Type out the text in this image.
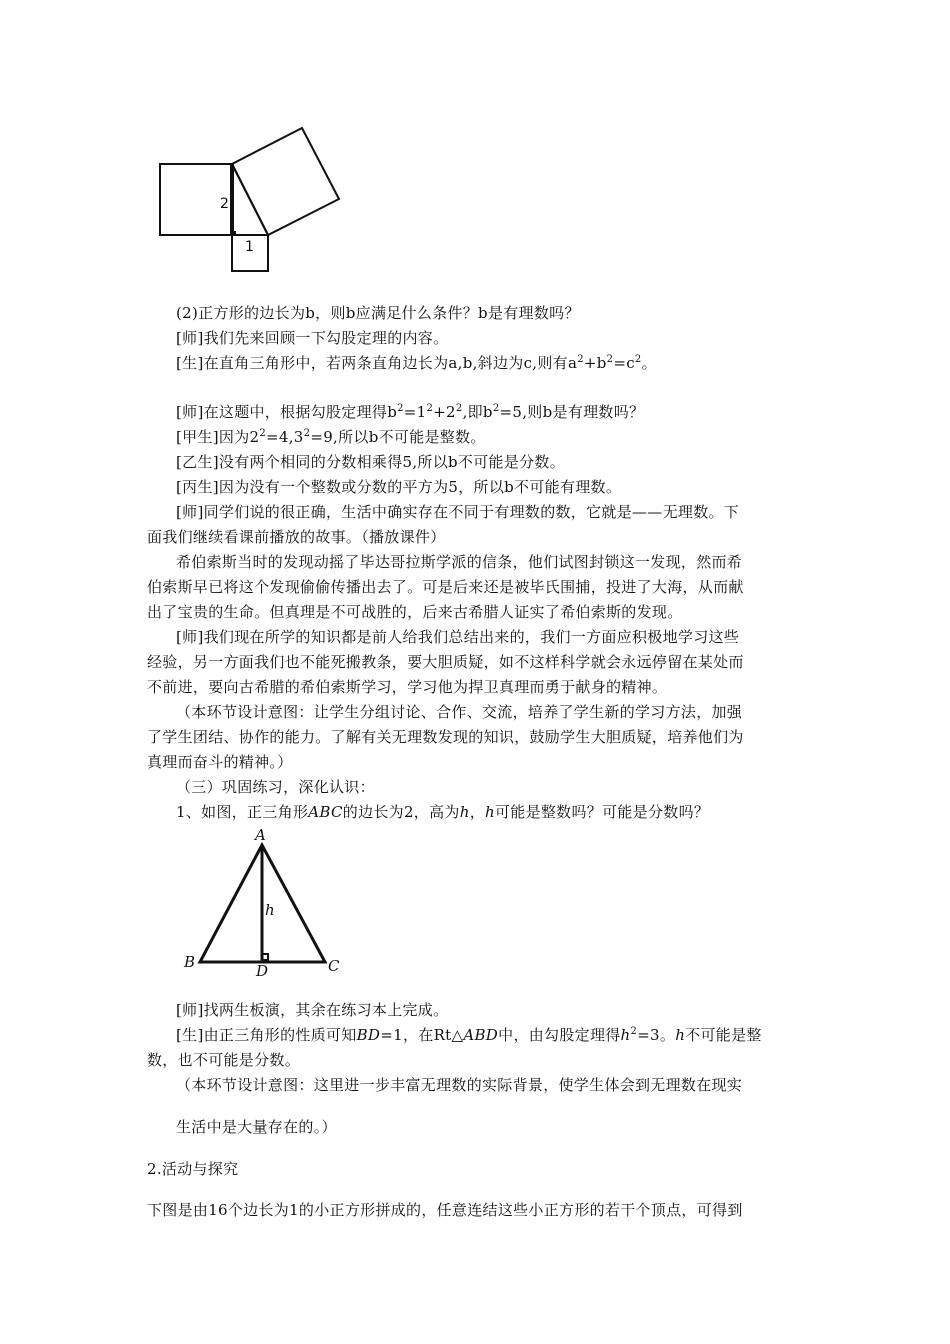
2
1
(2)正方形的边长为b，则b应满足什么条件？b是有理数吗？
[师]我们先来回顾一下勾股定理的内容。
[生]在直角三角形中，若两条直角边长为a,b,斜边为c,则有$a^2+b^2=c^2$。
[师]在这题中，根据勾股定理得$b^2=1^2+2^2$,即$b^2=5$,则b是有理数吗？
[甲生]因为$2^2=4,3^2=9$,所以b不可能是整数。
[乙生]没有两个相同的分数相乘得5,所以b不可能是分数。
[丙生]因为没有一个整数或分数的平方为5，所以b不可能有理数。
[师]同学们说的很正确，生活中确实存在不同于有理数的数，它就是——无理数。下
面我们继续看课前播放的故事。（播放课件）
希伯索斯当时的发现动摇了毕达哥拉斯学派的信条，他们试图封锁这一发现，然而希
伯索斯早已将这个发现偷偷传播出去了。可是后来还是被毕氏围捕，投进了大海，从而献
出了宝贵的生命。但真理是不可战胜的，后来古希腊人证实了希伯索斯的发现。
[师]我们现在所学的知识都是前人给我们总结出来的，我们一方面应积极地学习这些
经验，另一方面我们也不能死搬教条，要大胆质疑，如不这样科学就会永远停留在某处而
不前进，要向古希腊的希伯索斯学习，学习他为捍卫真理而勇于献身的精神。
（本环节设计意图：让学生分组讨论、合作、交流，培养了学生新的学习方法，加强
了学生团结、协作的能力。了解有关无理数发现的知识，鼓励学生大胆质疑，培养他们为
真理而奋斗的精神。）
（三）巩固练习，深化认识：
1、如图，正三角形ABC的边长为2，高为h，h可能是整数吗？可能是分数吗？
A
B	C
D
h
[师]找两生板演，其余在练习本上完成。
[生]由正三角形的性质可知BD=1，在Rt△ABD中，由勾股定理得$h^2=3$。h不可能是整
数，也不可能是分数。
（本环节设计意图：这里进一步丰富无理数的实际背景，使学生体会到无理数在现实
生活中是大量存在的。）
2.活动与探究
下图是由16个边长为1的小正方形拼成的，任意连结这些小正方形的若干个顶点，可得到
